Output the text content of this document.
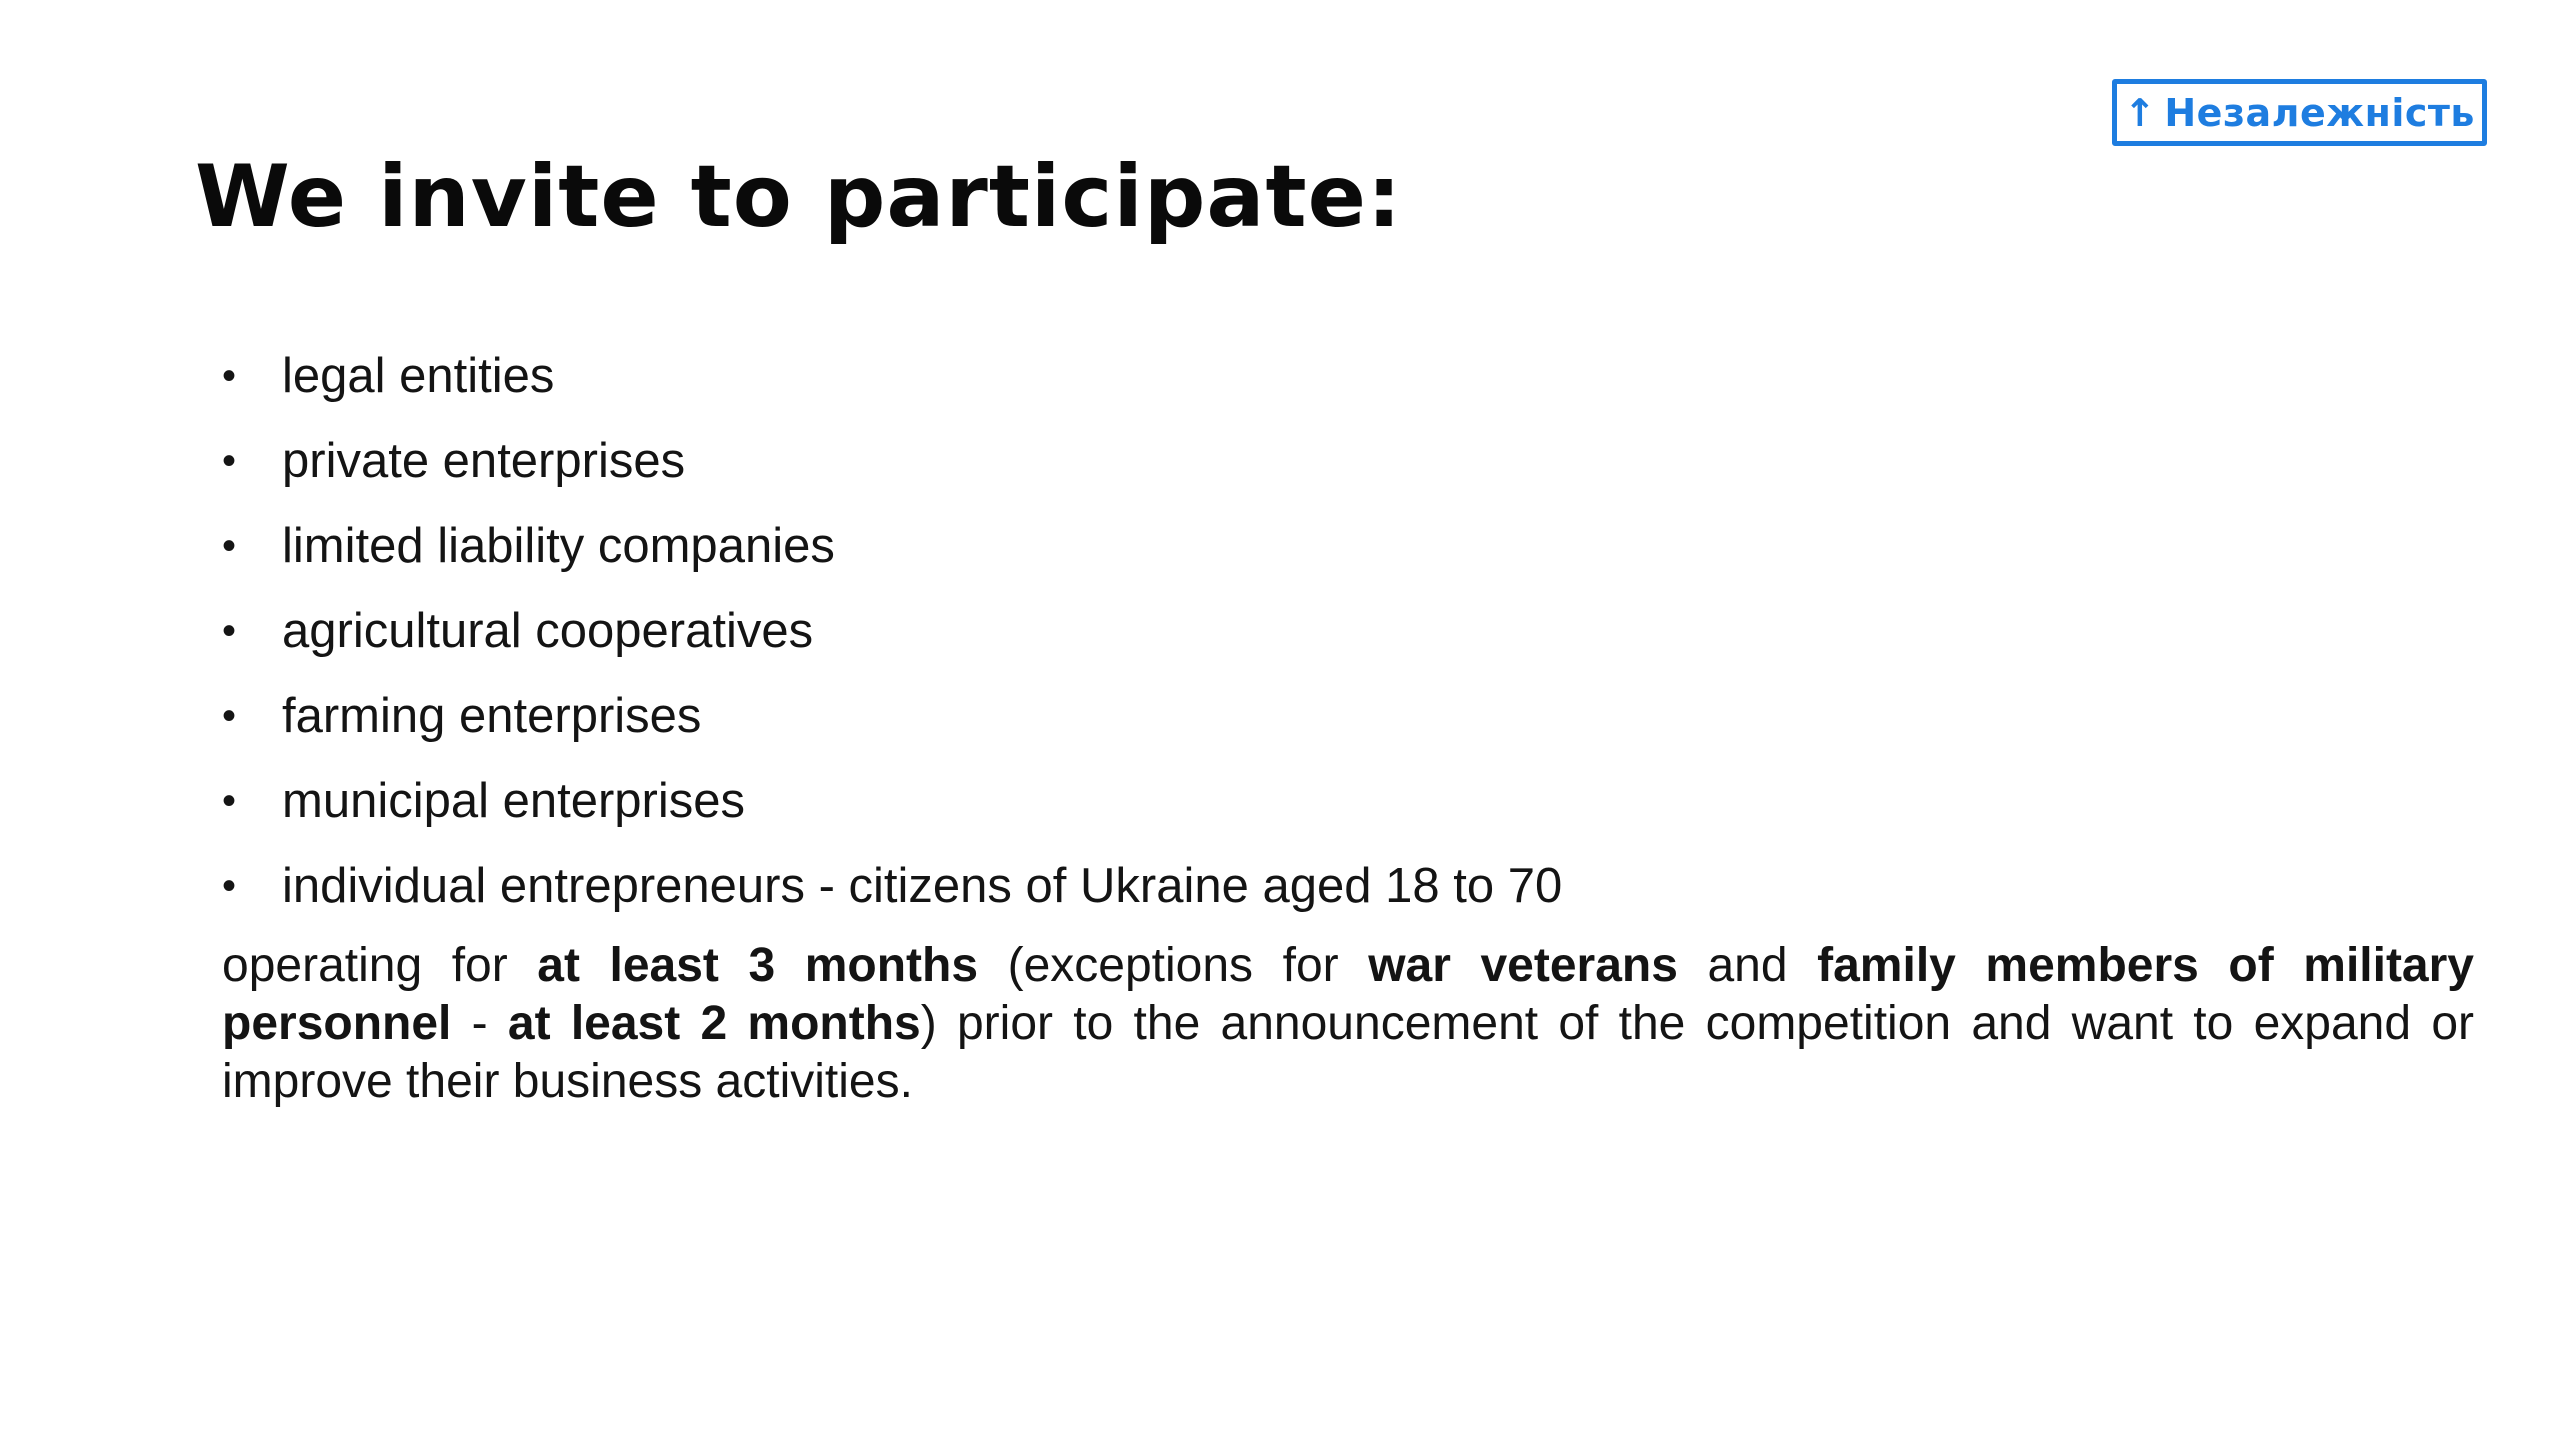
↑ Незалежність
We invite to participate:
• legal entities
• private enterprises
• limited liability companies
• agricultural cooperatives
• farming enterprises
• municipal enterprises
• individual entrepreneurs - citizens of Ukraine aged 18 to 70

operating for at least 3 months (exceptions for war veterans and family members of military personnel - at least 2 months) prior to the announcement of the competition and want to expand or improve their business activities.
